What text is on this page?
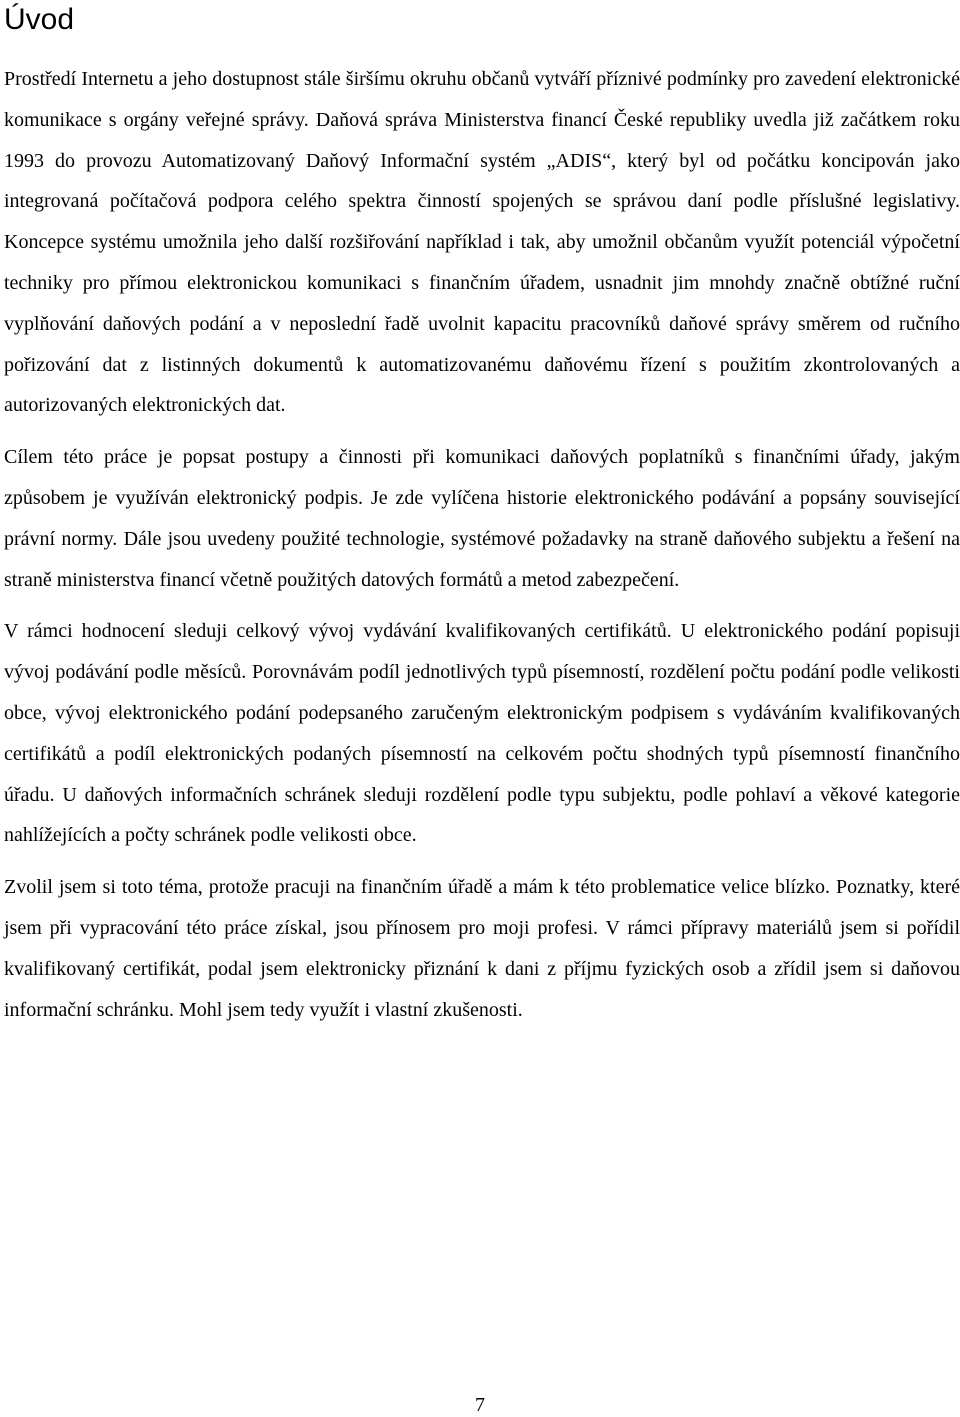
Úvod

Prostředí Internetu a jeho dostupnost stále širšímu okruhu občanů vytváří příznivé podmínky pro zavedení elektronické komunikace s orgány veřejné správy. Daňová správa Ministerstva financí České republiky uvedla již začátkem roku 1993 do provozu Automatizovaný Daňový Informační systém „ADIS“, který byl od počátku koncipován jako integrovaná počítačová podpora celého spektra činností spojených se správou daní podle příslušné legislativy. Koncepce systému umožnila jeho další rozšiřování například i tak, aby umožnil občanům využít potenciál výpočetní techniky pro přímou elektronickou komunikaci s finančním úřadem, usnadnit jim mnohdy značně obtížné ruční vyplňování daňových podání a v neposlední řadě uvolnit kapacitu pracovníků daňové správy směrem od ručního pořizování dat z listinných dokumentů k automatizovanému daňovému řízení s použitím zkontrolovaných a autorizovaných elektronických dat.

Cílem této práce je popsat postupy a činnosti při komunikaci daňových poplatníků s finančními úřady, jakým způsobem je využíván elektronický podpis. Je zde vylíčena historie elektronického podávání a popsány související právní normy. Dále jsou uvedeny použité technologie, systémové požadavky na straně daňového subjektu a řešení na straně ministerstva financí včetně použitých datových formátů a metod zabezpečení.

V rámci hodnocení sleduji celkový vývoj vydávání kvalifikovaných certifikátů. U elektronického podání popisuji vývoj podávání podle měsíců. Porovnávám podíl jednotlivých typů písemností, rozdělení počtu podání podle velikosti obce, vývoj elektronického podání podepsaného zaručeným elektronickým podpisem s vydáváním kvalifikovaných certifikátů a podíl elektronických podaných písemností na celkovém počtu shodných typů písemností finančního úřadu. U daňových informačních schránek sleduji rozdělení podle typu subjektu, podle pohlaví a věkové kategorie nahlížejících a počty schránek podle velikosti obce.

Zvolil jsem si toto téma, protože pracuji na finančním úřadě a mám k této problematice velice blízko. Poznatky, které jsem při vypracování této práce získal, jsou přínosem pro moji profesi. V rámci přípravy materiálů jsem si pořídil kvalifikovaný certifikát, podal jsem elektronicky přiznání k dani z příjmu fyzických osob a zřídil jsem si daňovou informační schránku. Mohl jsem tedy využít i vlastní zkušenosti.

7
